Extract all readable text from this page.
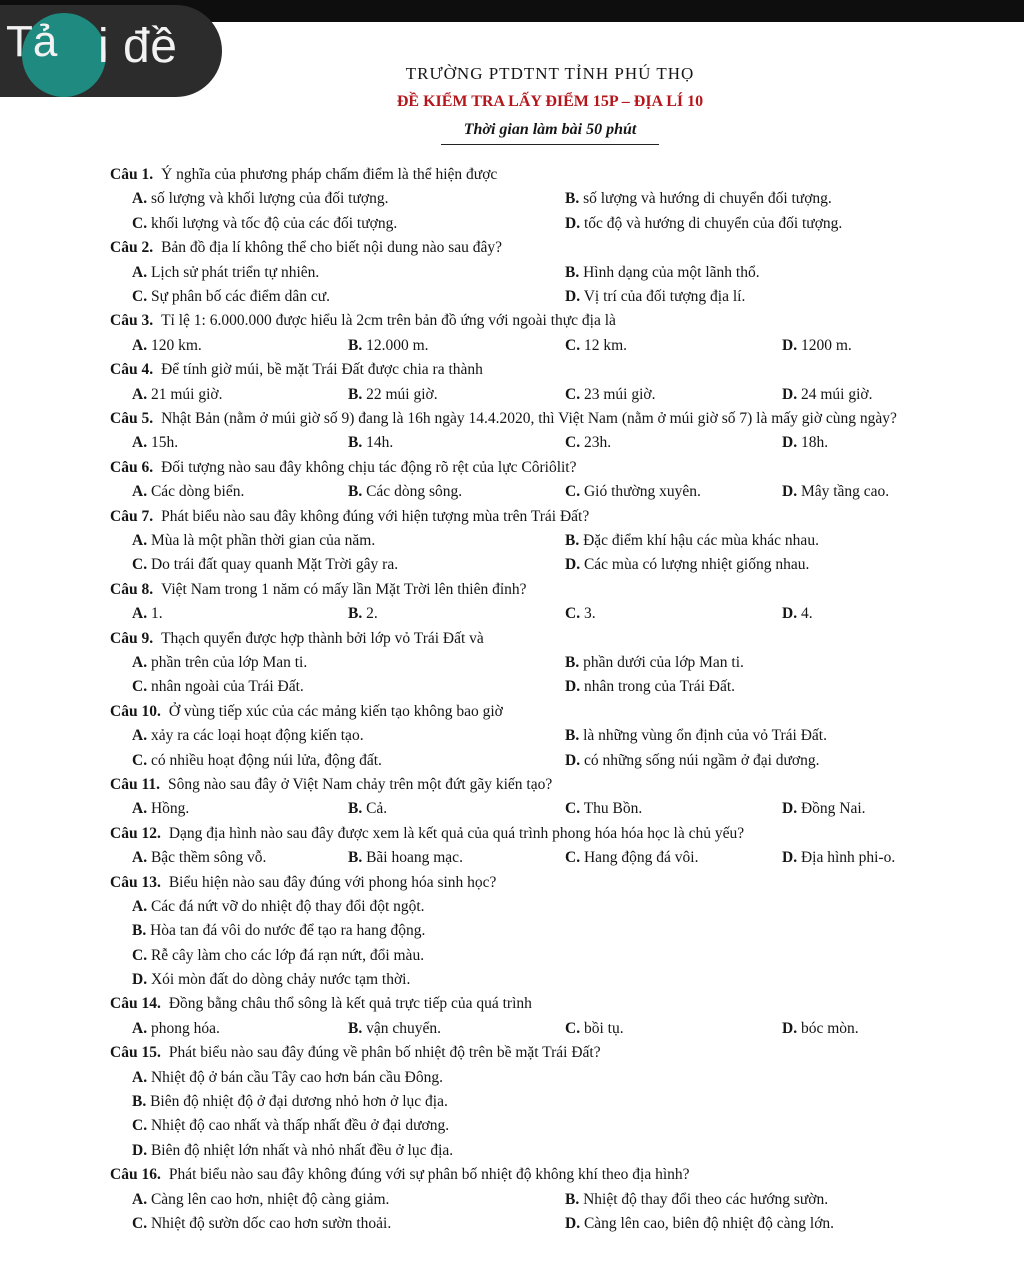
Tả i đề
TRƯỜNG PTDTNT TỈNH PHÚ THỌ
ĐỀ KIỂM TRA LẤY ĐIỂM 15P – ĐỊA LÍ 10
Thời gian làm bài 50 phút
Câu 1. Ý nghĩa của phương pháp chấm điểm là thể hiện được
A. số lượng và khối lượng của đối tượng.	B. số lượng và hướng di chuyển đối tượng.
C. khối lượng và tốc độ của các đối tượng.	D. tốc độ và hướng di chuyển của đối tượng.
Câu 2. Bản đồ địa lí không thể cho biết nội dung nào sau đây?
A. Lịch sử phát triển tự nhiên.	B. Hình dạng của một lãnh thổ.
C. Sự phân bố các điểm dân cư.	D. Vị trí của đối tượng địa lí.
Câu 3. Tỉ lệ 1: 6.000.000 được hiểu là 2cm trên bản đồ ứng với ngoài thực địa là
A. 120 km.	B. 12.000 m.	C. 12 km.	D. 1200 m.
Câu 4. Để tính giờ múi, bề mặt Trái Đất được chia ra thành
A. 21 múi giờ.	B. 22 múi giờ.	C. 23 múi giờ.	D. 24 múi giờ.
Câu 5. Nhật Bản (nằm ở múi giờ số 9) đang là 16h ngày 14.4.2020, thì Việt Nam (nằm ở múi giờ số 7) là mấy giờ cùng ngày?
A. 15h.	B. 14h.	C. 23h.	D. 18h.
Câu 6. Đối tượng nào sau đây không chịu tác động rõ rệt của lực Côriôlit?
A. Các dòng biển.	B. Các dòng sông.	C. Gió thường xuyên.	D. Mây tầng cao.
Câu 7. Phát biểu nào sau đây không đúng với hiện tượng mùa trên Trái Đất?
A. Mùa là một phần thời gian của năm.	B. Đặc điểm khí hậu các mùa khác nhau.
C. Do trái đất quay quanh Mặt Trời gây ra.	D. Các mùa có lượng nhiệt giống nhau.
Câu 8. Việt Nam trong 1 năm có mấy lần Mặt Trời lên thiên đỉnh?
A. 1.	B. 2.	C. 3.	D. 4.
Câu 9. Thạch quyển được hợp thành bởi lớp vỏ Trái Đất và
A. phần trên của lớp Man ti.	B. phần dưới của lớp Man ti.
C. nhân ngoài của Trái Đất.	D. nhân trong của Trái Đất.
Câu 10. Ở vùng tiếp xúc của các mảng kiến tạo không bao giờ
A. xảy ra các loại hoạt động kiến tạo.	B. là những vùng ổn định của vỏ Trái Đất.
C. có nhiều hoạt động núi lửa, động đất.	D. có những sống núi ngầm ở đại dương.
Câu 11. Sông nào sau đây ở Việt Nam chảy trên một đứt gãy kiến tạo?
A. Hồng.	B. Cả.	C. Thu Bồn.	D. Đồng Nai.
Câu 12. Dạng địa hình nào sau đây được xem là kết quả của quá trình phong hóa hóa học là chủ yếu?
A. Bậc thềm sông vỗ.	B. Bãi hoang mạc.	C. Hang động đá vôi.	D. Địa hình phi-o.
Câu 13. Biểu hiện nào sau đây đúng với phong hóa sinh học?
A. Các đá nứt vỡ do nhiệt độ thay đổi đột ngột.
B. Hòa tan đá vôi do nước để tạo ra hang động.
C. Rễ cây làm cho các lớp đá rạn nứt, đổi màu.
D. Xói mòn đất do dòng chảy nước tạm thời.
Câu 14. Đồng bằng châu thổ sông là kết quả trực tiếp của quá trình
A. phong hóa.	B. vận chuyển.	C. bồi tụ.	D. bóc mòn.
Câu 15. Phát biểu nào sau đây đúng về phân bố nhiệt độ trên bề mặt Trái Đất?
A. Nhiệt độ ở bán cầu Tây cao hơn bán cầu Đông.
B. Biên độ nhiệt độ ở đại dương nhỏ hơn ở lục địa.
C. Nhiệt độ cao nhất và thấp nhất đều ở đại dương.
D. Biên độ nhiệt lớn nhất và nhỏ nhất đều ở lục địa.
Câu 16. Phát biểu nào sau đây không đúng với sự phân bố nhiệt độ không khí theo địa hình?
A. Càng lên cao hơn, nhiệt độ càng giảm.	B. Nhiệt độ thay đổi theo các hướng sườn.
C. Nhiệt độ sườn dốc cao hơn sườn thoải.	D. Càng lên cao, biên độ nhiệt độ càng lớn.
